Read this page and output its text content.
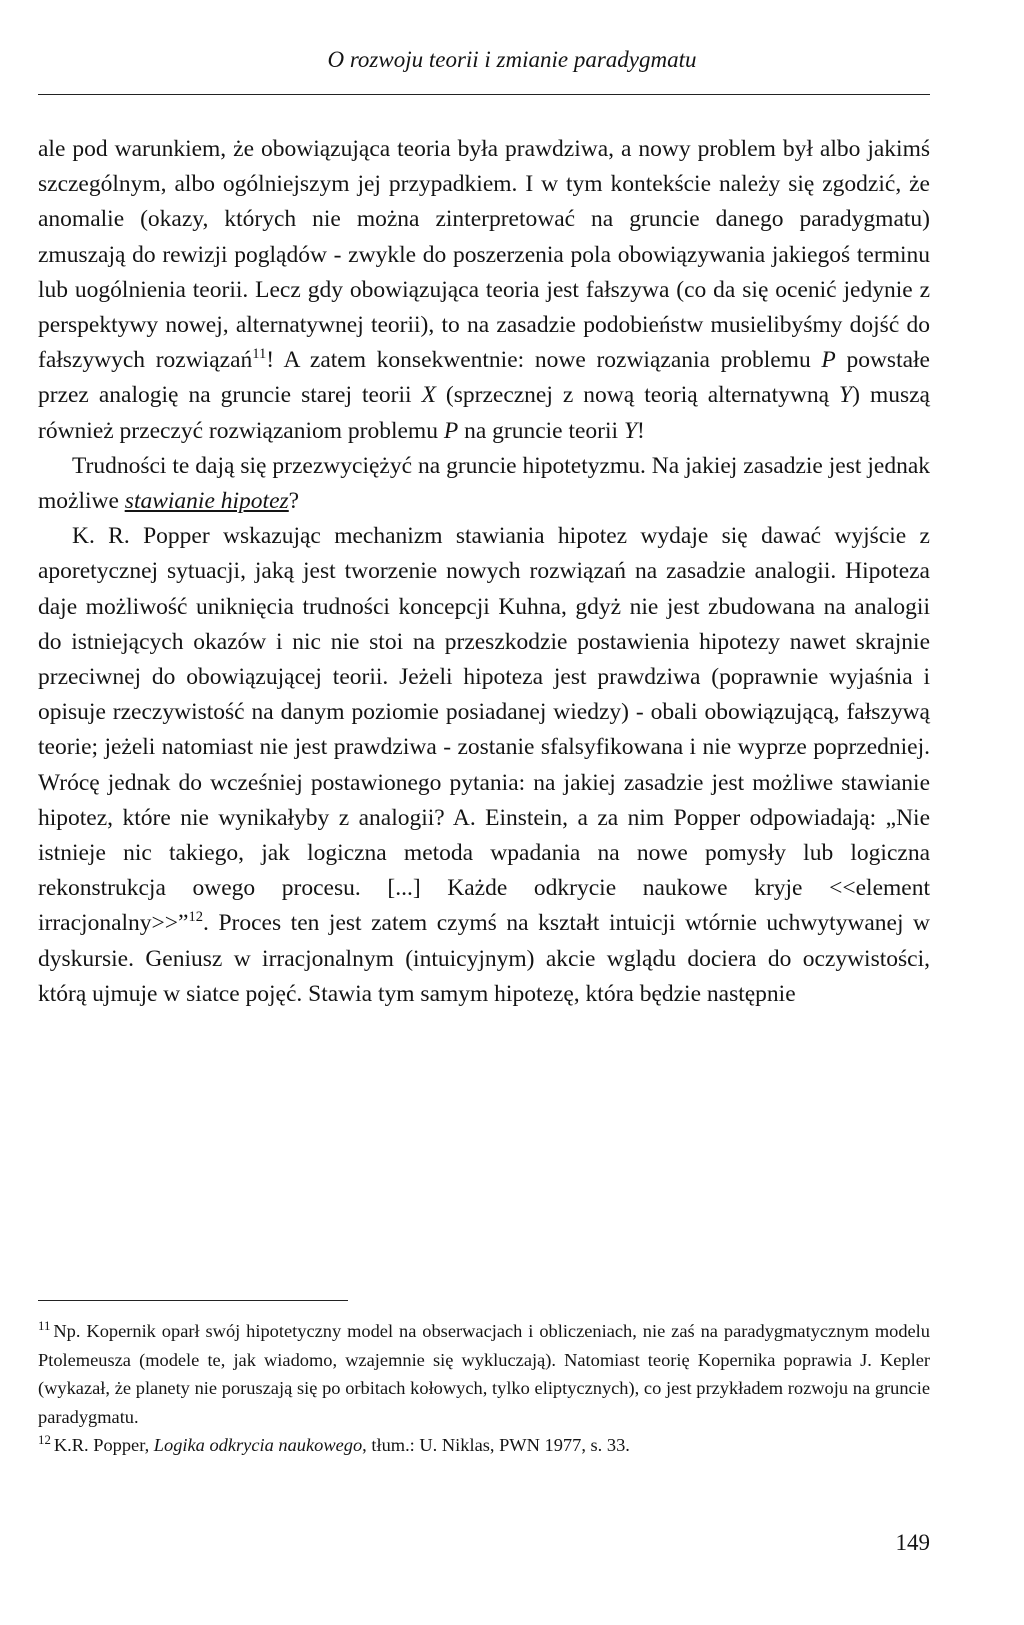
O rozwoju teorii i zmianie paradygmatu

ale pod warunkiem, że obowiązująca teoria była prawdziwa, a nowy problem był albo jakimś szczególnym, albo ogólniejszym jej przypadkiem. I w tym kontekście należy się zgodzić, że anomalie (okazy, których nie można zinterpretować na gruncie danego paradygmatu) zmuszają do rewizji poglądów - zwykle do poszerzenia pola obowiązywania jakiegoś terminu lub uogólnienia teorii. Lecz gdy obowiązująca teoria jest fałszywa (co da się ocenić jedynie z perspektywy nowej, alternatywnej teorii), to na zasadzie podobieństw musielibyśmy dojść do fałszywych rozwiązań$^{11}$! A zatem konsekwentnie: nowe rozwiązania problemu P powstałe przez analogię na gruncie starej teorii X (sprzecznej z nową teorią alternatywną Y) muszą również przeczyć rozwiązaniom problemu P na gruncie teorii Y!

Trudności te dają się przezwyciężyć na gruncie hipotetyzmu. Na jakiej zasadzie jest jednak możliwe stawianie hipotez?

K. R. Popper wskazując mechanizm stawiania hipotez wydaje się dawać wyjście z aporetycznej sytuacji, jaką jest tworzenie nowych rozwiązań na zasadzie analogii. Hipoteza daje możliwość uniknięcia trudności koncepcji Kuhna, gdyż nie jest zbudowana na analogii do istniejących okazów i nic nie stoi na przeszkodzie postawienia hipotezy nawet skrajnie przeciwnej do obowiązującej teorii. Jeżeli hipoteza jest prawdziwa (poprawnie wyjaśnia i opisuje rzeczywistość na danym poziomie posiadanej wiedzy) - obali obowiązującą, fałszywą teorie; jeżeli natomiast nie jest prawdziwa - zostanie sfalsyfikowana i nie wyprze poprzedniej. Wrócę jednak do wcześniej postawionego pytania: na jakiej zasadzie jest możliwe stawianie hipotez, które nie wynikałyby z analogii? A. Einstein, a za nim Popper odpowiadają: „Nie istnieje nic takiego, jak logiczna metoda wpadania na nowe pomysły lub logiczna rekonstrukcja owego procesu. [...] Każde odkrycie naukowe kryje <<element irracjonalny>>”$^{12}$. Proces ten jest zatem czymś na kształt intuicji wtórnie uchwytywanej w dyskursie. Geniusz w irracjonalnym (intuicyjnym) akcie wglądu dociera do oczywistości, którą ujmuje w siatce pojęć. Stawia tym samym hipotezę, która będzie następnie

$^{11}$ Np. Kopernik oparł swój hipotetyczny model na obserwacjach i obliczeniach, nie zaś na paradygmatycznym modelu Ptolemeusza (modele te, jak wiadomo, wzajemnie się wykluczają). Natomiast teorię Kopernika poprawia J. Kepler (wykazał, że planety nie poruszają się po orbitach kołowych, tylko eliptycznych), co jest przykładem rozwoju na gruncie paradygmatu.

$^{12}$ K.R. Popper, Logika odkrycia naukowego, tłum.: U. Niklas, PWN 1977, s. 33.

149
